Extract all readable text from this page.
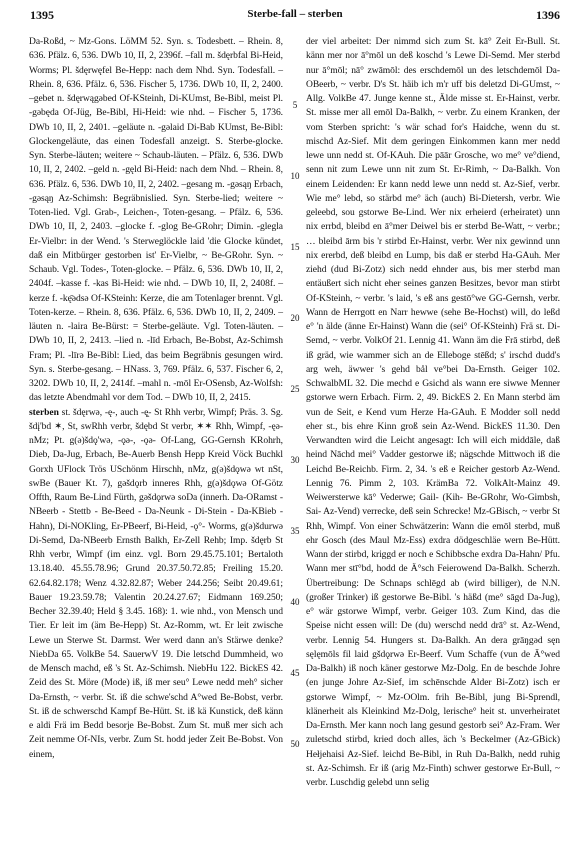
1395	Sterbe-fall – sterben	1396

Da-Roßd, ~ Mz-Gons. LöMM 52. Syn. s. Todesbett. – Rhein. 8, 636. Pfälz. 6, 536. DWb 10, II, 2, 2396f. –fall m. šdęrbfal Bi-Heid, Worms; Pl. šdęrwęfel Be-Hepp: nach dem Nhd. Syn. Todesfall. – Rhein. 8, 636. Pfälz. 6, 536. Fischer 5, 1736. DWb 10, II, 2, 2400. –gebet n. šdęrwągəbed Of-KSteinh, Di-KUmst, Be-Bibl, meist Pl. -gəbęda Of-Jüg, Be-Bibl, Hi-Heid: wie nhd. – Fischer 5, 1736. DWb 10, II, 2, 2401. –geläute n. -gəlaid Di-Bab KUmst, Be-Bibl: Glockengeläute, das einen Todesfall anzeigt. S. Sterbe-glocke. Syn. Sterbe-läuten; weitere ~ Schaub-läuten. – Pfälz. 6, 536. DWb 10, II, 2, 2402. –geld n. -gęld Bi-Heid: nach dem Nhd. – Rhein. 8, 636. Pfälz. 6, 536. DWb 10, II, 2, 2402. –gesang m. -gəsąŋ Erbach, -gəsąŋ Az-Schimsh: Begräbnislied. Syn. Sterbe-lied; weitere ~ Toten-lied. Vgl. Grab-, Leichen-, Toten-gesang. – Pfälz. 6, 536. DWb 10, II, 2, 2403. –glocke f. -glog Be-GRohr; Dimin. -glegla Er-Vielbr: in der Wend. 's Sterweglöckle laid 'die Glocke kündet, daß ein Mitbürger gestorben ist' Er-Vielbr, ~ Be-GRohr. Syn. ~ Schaub. Vgl. Todes-, Toten-glocke. – Pfälz. 6, 536. DWb 10, II, 2, 2404f. –kasse f. -kas Bi-Heid: wie nhd. – DWb 10, II, 2, 2408f. –kerze f. -kę̄ədsə Of-KSteinh: Kerze, die am Totenlager brennt. Vgl. Toten-kerze. – Rhein. 8, 636. Pfälz. 6, 536. DWb 10, II, 2, 2409. –läuten n. -laira Be-Bürst: = Sterbe-geläute. Vgl. Toten-läuten. – DWb 10, II, 2, 2413. –lied n. -līd Erbach, Be-Bobst, Az-Schimsh Fram; Pl. -līrə Be-Bibl: Lied, das beim Begräbnis gesungen wird. Syn. s. Sterbe-gesang. – HNass. 3, 769. Pfälz. 6, 537. Fischer 6, 2, 3202. DWb 10, II, 2, 2414f. –mahl n. -mōl Er-OSensb, Az-Wolfsh: das letzte Abendmahl vor dem Tod. – DWb 10, II, 2, 2415.

sterben st. šdęrwə, -ę-, auch -ę̨- St Rhh verbr, Wimpf; Präs. 3. Sg. šdį'bd ✶, St, swRhh verbr, šdębd St verbr, ✶✶ Rhh, Wimpf, -ęə- nMz; Pt. g(ə)šdǫ'wə, -ǫə-, -ǫə- Of-Lang, GG-Gernsh KRohrh, Dieb, Da-Jug, Erbach, Be-Auerb Bensh Hepp Kreid Vöck Buchkl Gorxh UFlock Trös USchönm Hirschh, nMz, g(ə)šdǫwə wt nSt, swBe (Bauer Kt. 7), gəšdǫrb inneres Rhh, g(ə)šdǫwə Of-Götz Offth, Raum Be-Lind Fürth, gəšdǫrwə soDa (innerh. Da-ORamst - NBeerb - Stettb - Be-Beed - Da-Neunk - Di-Stein - Da-KBieb - Hahn), Di-NOKling, Er-PBeerf, Bi-Heid, -ǫ°- Worms, g(ə)šdurwə Di-Semd, Da-NBeerb Ernsth Balkh, Er-Zell Rehb; Imp. šdęrb St Rhh verbr, Wimpf (im einz. vgl. Born 29.45.75.101; Bertaloth 13.18.40. 45.55.78.96; Grund 20.37.50.72.85; Freiling 15.20. 62.64.82.178; Wenz 4.32.82.87; Weber 244.256; Seibt 20.49.61; Bauer 19.23.59.78; Valentin 20.24.27.67; Eidmann 169.250; Becher 32.39.40; Held § 3.45. 168): 1. wie nhd., von Mensch und Tier. Er leit im (äm Be-Hepp) St. Az-Romm, wt. Er leit zwische Lewe un Sterwe St. Darmst. Wer werd dann an's Stärwe denke? NiebDa 65. VolkBe 54. SauerwV 19. Die letschd Dummheid, wo de Mensch machd, eß 's St. Az-Schimsh. NiebHu 122. BickES 42. Zeid des St. Möre (Mode) iß, iß mer seu° Lewe nedd meh° sicher Da-Ernsth, ~ verbr. St. iß die schwe'schd A°wed Be-Bobst, verbr. St. iß de schwerschd Kampf Be-Hütt. St. iß kä Kunstick, deß känn e aldi Frä im Bedd besorje Be-Bobst. Zum St. muß mer sich ach Zeit nemme Of-NIs, verbr. Zum St. hodd jeder Zeit Be-Bobst. Von einem,

5
10
15
20
25
30
35
40
45
50

der viel arbeitet: Der nimmd sich zum St. kā° Zeit Er-Bull. St. känn mer nor ā°mōl un deß koschd 's Lewe Di-Semd. Mer sterbd nur ā°mōl; nā° zwāmōl: des erschdemōl un des letschdemōl Da-OBeerb, ~ verbr. D's St. häib ich m'r uff bis deletzd Di-GUmst, ~ Allg. VolkBe 47. Junge kenne st., Älde misse st. Er-Hainst, verbr. St. misse mer all emōl Da-Balkh, ~ verbr. Zu einem Kranken, der vom Sterben spricht: 's wär schad for's Haidche, wenn du st. mischd Az-Sief. Mit dem geringen Einkommen kann mer nedd lewe unn nedd st. Of-KAuh. Die pāār Grosche, wo me° ve°diend, senn nit zum Lewe unn nit zum St. Er-Rimh, ~ Da-Balkh. Von einem Leidenden: Er kann nedd lewe unn nedd st. Az-Sief, verbr. Wie me° lebd, so stärbd me° äch (auch) Bi-Dietersh, verbr. Wie geleebd, sou gstorwe Be-Lind. Wer nix erheierd (erheiratet) unn nix errbd, bleibd en ā°mer Deiwel bis er sterbd Be-Watt, ~ verbr.; … bleibd ārm bis 'r stirbd Er-Hainst, verbr. Wer nix gewinnd unn nix ererbd, deß bleibd en Lump, bis daß er sterbd Ha-GAuh. Mer ziehd (dud Bi-Zotz) sich nedd ehnder aus, bis mer sterbd man entäußert sich nicht eher seines ganzen Besitzes, bevor man stirbt Of-KSteinh, ~ verbr. 's laid, 's eß ans gestō°we GG-Gernsh, verbr. Wann de Herrgott en Narr hewwe (sehe Be-Hochst) will, do leßd e° 'n älde (änne Er-Hainst) Wann die (sei° Of-KSteinh) Frä st. Di-Semd, ~ verbr. VolkOf 21. Lennig 41. Wann äm die Frā stirbd, deß iß gräd, wie wammer sich an de Elleboge stēßd; s' irschd dudd's arg weh, äwwer 's gehd bål ve°bei Da-Ernsth. Geiger 102. SchwalbML 32. Die mechd e Gsichd als wann ere siwwe Menner gstorwe wern Erbach. Firm. 2, 49. BickES 2. En Mann sterbd äm vun de Seit, e Kend vum Herze Ha-GAuh. E Modder soll nedd eher st., bis ehre Kinn groß sein Az-Wend. BickES 11.30. Den Verwandten wird die Leicht angesagt: Ich will eich middāle, daß heind Nāchd mei° Vadder gestorwe iß; nägschde Mittwoch iß die Leichd Be-Reichb. Firm. 2, 34. 's eß e Reicher gestorb Az-Wend. Lennig 76. Pimm 2, 103. KrämBa 72. VolkAlt-Mainz 49. Weiwersterwe kā° Vederwe; Gail- (Kih- Be-GRohr, Wo-Gimbsh, Sai- Az-Vend) verrecke, deß sein Schrecke! Mz-GBisch, ~ verbr St Rhh, Wimpf. Von einer Schwätzerin: Wann die emōl sterbd, muß ehr Gosch (des Maul Mz-Ess) exdra dödgeschläe wern Be-Hütt. Wann der stirbd, kriggd er noch e Schibbsche exdra Da-Hahn/ Pfu. Wann mer stī°bd, hodd de Ä°sch Feierowend Da-Balkh. Scherzh. Übertreibung: De Schnaps schlēgd ab (wird billiger), de N.N. (großer Trinker) iß gestorwe Be-Bibl. 's häßd (me° sāgd Da-Jug), e° wär gstorwe Wimpf, verbr. Geiger 103. Zum Kind, das die Speise nicht essen will: De (du) werschd nedd drā° st. Az-Wend, verbr. Lennig 54. Hungers st. Da-Balkh. An dera grāŋgəd sęn sęlęmōls fil laid gšdǫrwə Er-Beerf. Vum Schaffe (vun de Ā°wed Da-Balkh) iß noch käner gestorwe Mz-Dolg. En de beschde Johre (en junge Johre Az-Sief, im schēnschde Alder Bi-Zotz) isch er gstorwe Wimpf, ~ Mz-OOlm. frih Be-Bibl, jung Bi-Sprendl, klänerheit als Kleinkind Mz-Dolg, lerische° heit st. unverheiratet Da-Ernsth. Mer kann noch lang gesund gestorb sei° Az-Fram. Wer zuletschd stirbd, kried doch alles, äch 's Beckelmer (Az-GBick) Hełjehaisi Az-Sief. leichd Be-Bibl, in Ruh Da-Balkh, nedd ruhig st. Az-Schimsh. Er iß (arig Mz-Finth) schwer gestorwe Er-Bull, ~ verbr. Luschdig gelebd unn selig
